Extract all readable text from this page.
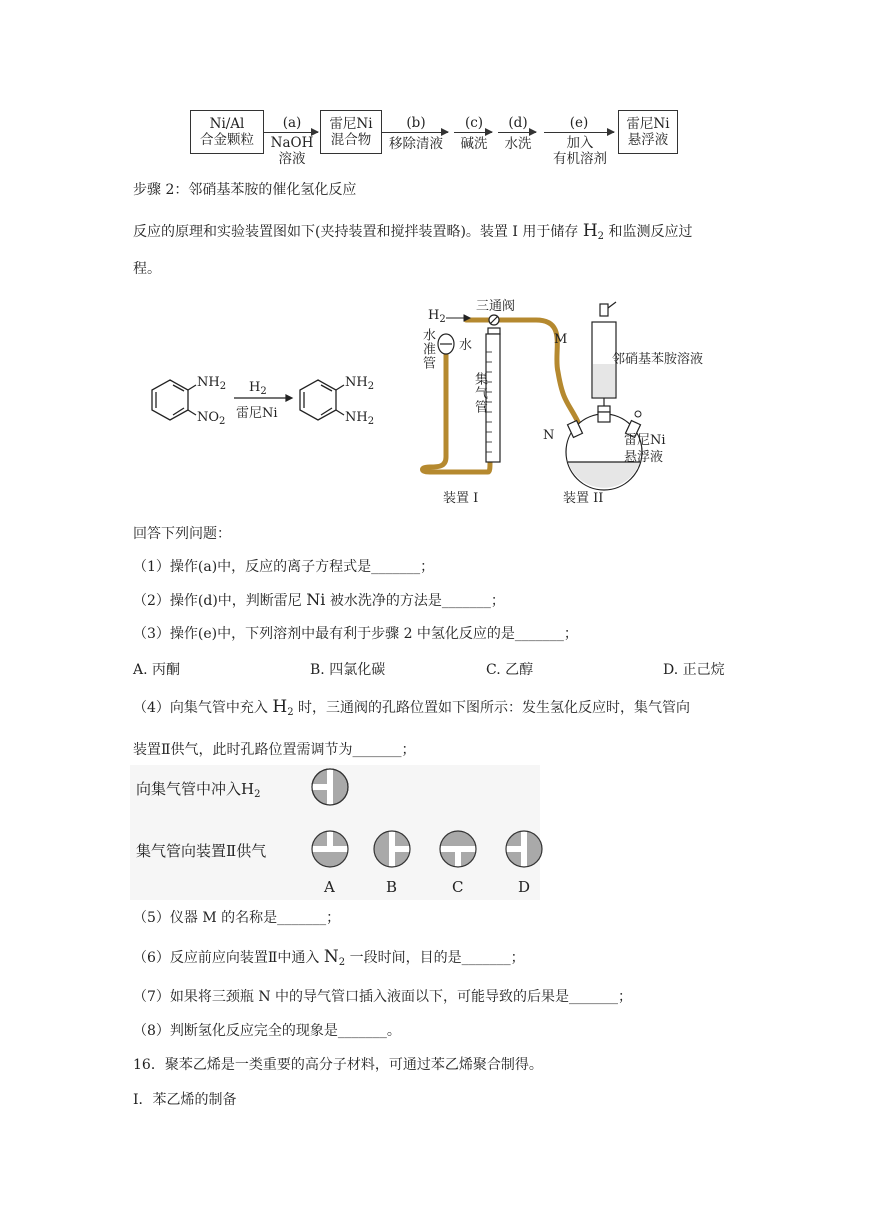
Ni/Al
合金颗粒
(a)
NaOH
溶液
雷尼Ni
混合物
(b)
移除清液
(c)
碱洗
(d)
水洗
(e)
加入
有机溶剂
雷尼Ni
悬浮液
步骤 2：邻硝基苯胺的催化氢化反应
反应的原理和实验装置图如下(夹持装置和搅拌装置略)。装置 I 用于储存 $H_2$ 和监测反应过
程。
$NH_2$
$NO_2$
$H_2$
雷尼Ni
$NH_2$
$NH_2$
$H_2$
三通阀
水准管 水
集气管
M
邻硝基苯胺溶液
N	雷尼Ni
悬浮液
装置 I	装置 II
回答下列问题：
（1）操作(a)中，反应的离子方程式是_______；
（2）操作(d)中，判断雷尼 Ni 被水洗净的方法是_______；
（3）操作(e)中，下列溶剂中最有利于步骤 2 中氢化反应的是_______；
A. 丙酮	B. 四氯化碳	C. 乙醇	D. 正己烷
（4）向集气管中充入 $H_2$ 时，三通阀的孔路位置如下图所示：发生氢化反应时，集气管向
装置Ⅱ供气，此时孔路位置需调节为_______；
向集气管中冲入$H_2$
集气管向装置Ⅱ供气
A	B	C	D
（5）仪器 M 的名称是_______；
（6）反应前应向装置Ⅱ中通入 $N_2$ 一段时间，目的是_______；
（7）如果将三颈瓶 N 中的导气管口插入液面以下，可能导致的后果是_______；
（8）判断氢化反应完全的现象是_______。
16．聚苯乙烯是一类重要的高分子材料，可通过苯乙烯聚合制得。
Ⅰ．苯乙烯的制备
